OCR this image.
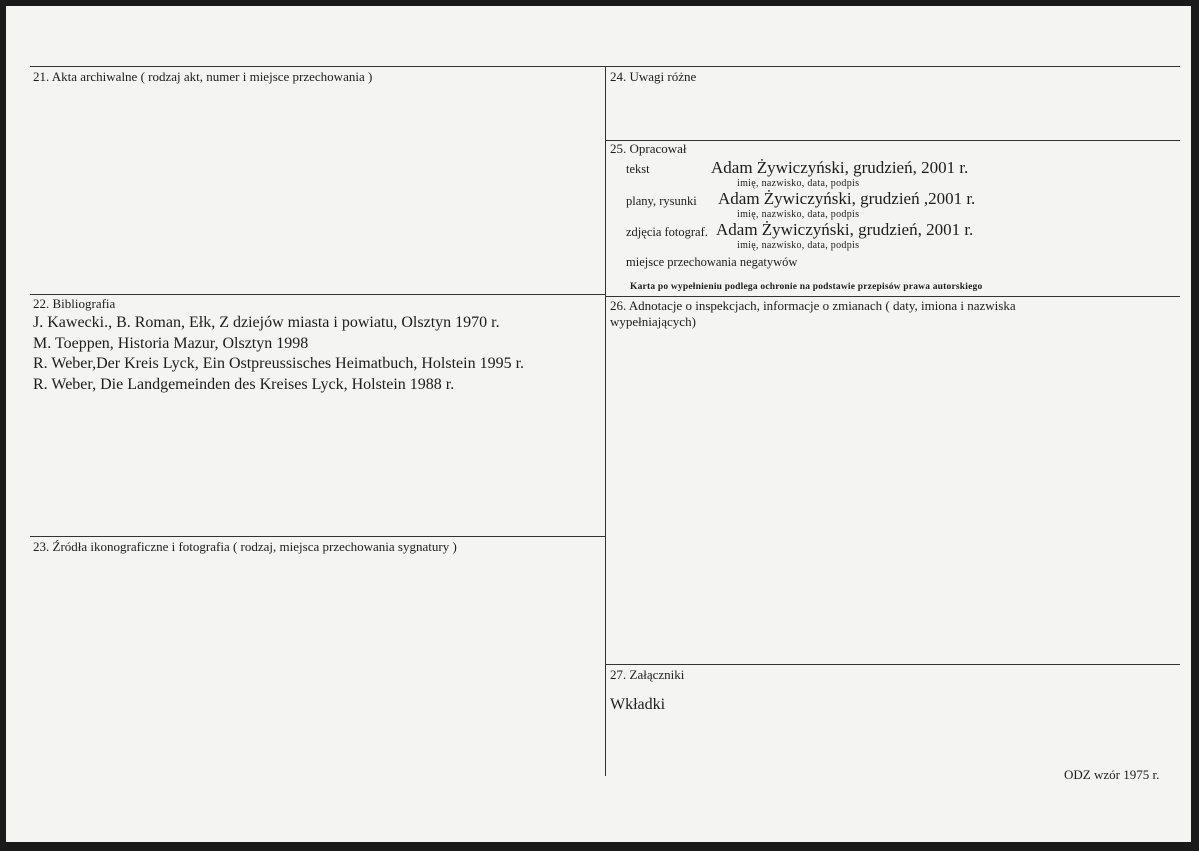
21. Akta archiwalne ( rodzaj akt, numer i miejsce przechowania )
22. Bibliografia
J. Kawecki., B. Roman, Ełk, Z dziejów miasta i powiatu, Olsztyn 1970 r.
M. Toeppen, Historia Mazur, Olsztyn 1998
R. Weber,Der Kreis Lyck, Ein Ostpreussisches Heimatbuch, Holstein 1995 r.
R. Weber, Die Landgemeinden des Kreises Lyck, Holstein 1988 r.
23. Źródła ikonograficzne i fotografia ( rodzaj, miejsca przechowania sygnatury )
24. Uwagi różne
25. Opracował
tekst	Adam Żywiczyński, grudzień, 2001 r.
imię, nazwisko, data, podpis
plany, rysunki Adam Żywiczyński, grudzień ,2001 r.
imię, nazwisko, data, podpis
zdjęcia fotograf. Adam Żywiczyński, grudzień, 2001 r.
imię, nazwisko, data, podpis
miejsce przechowania negatywów
Karta po wypełnieniu podlega ochronie na podstawie przepisów prawa autorskiego
26. Adnotacje o inspekcjach, informacje o zmianach ( daty, imiona i nazwiska
wypełniających)
27. Załączniki
Wkładki
ODZ wzór 1975 r.
